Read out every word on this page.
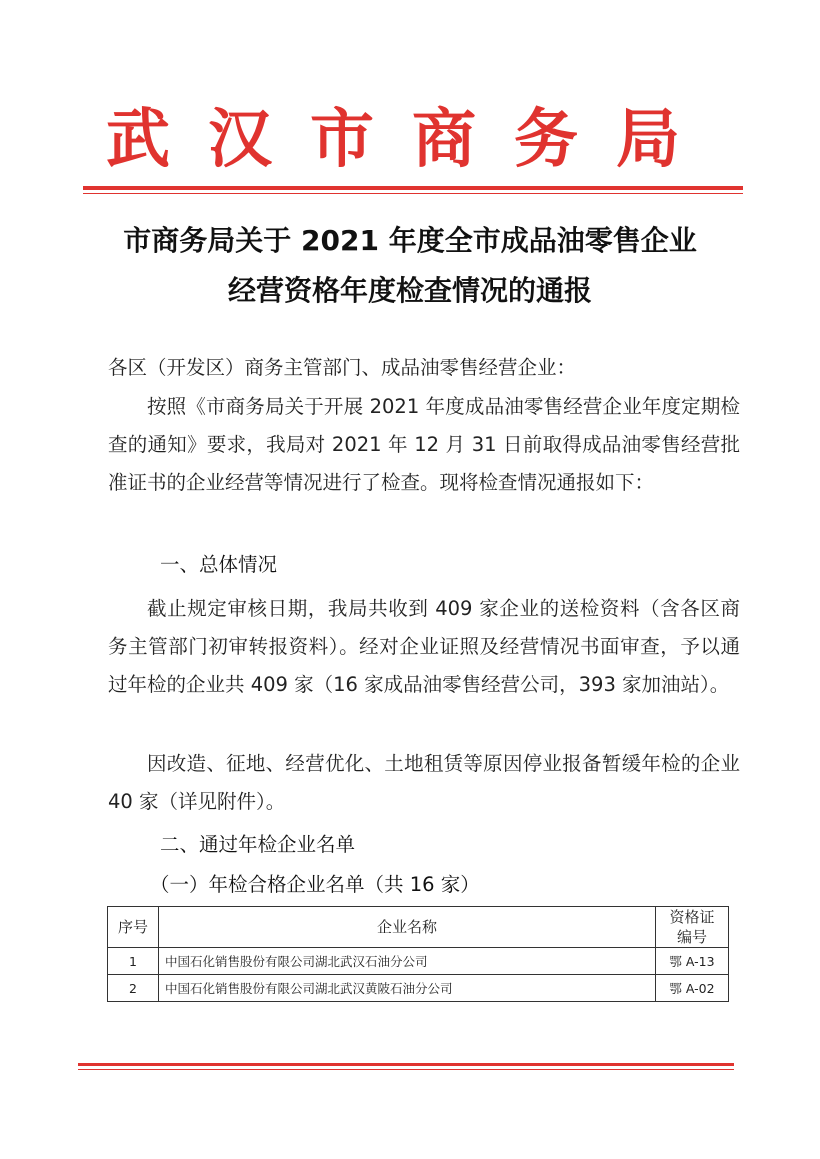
武汉市商务局
市商务局关于 2021 年度全市成品油零售企业
经营资格年度检查情况的通报
各区（开发区）商务主管部门、成品油零售经营企业：
按照《市商务局关于开展 2021 年度成品油零售经营企业年度定期检查的通知》要求，我局对 2021 年 12 月 31 日前取得成品油零售经营批准证书的企业经营等情况进行了检查。现将检查情况通报如下：
一、总体情况
截止规定审核日期，我局共收到 409 家企业的送检资料（含各区商务主管部门初审转报资料）。经对企业证照及经营情况书面审查，予以通过年检的企业共 409 家（16 家成品油零售经营公司，393 家加油站）。
因改造、征地、经营优化、土地租赁等原因停业报备暂缓年检的企业 40 家（详见附件）。
二、通过年检企业名单
（一）年检合格企业名单（共 16 家）
序号	企业名称	资格证
编号
1	中国石化销售股份有限公司湖北武汉石油分公司	鄂 A-13
2	中国石化销售股份有限公司湖北武汉黄陂石油分公司	鄂 A-02
